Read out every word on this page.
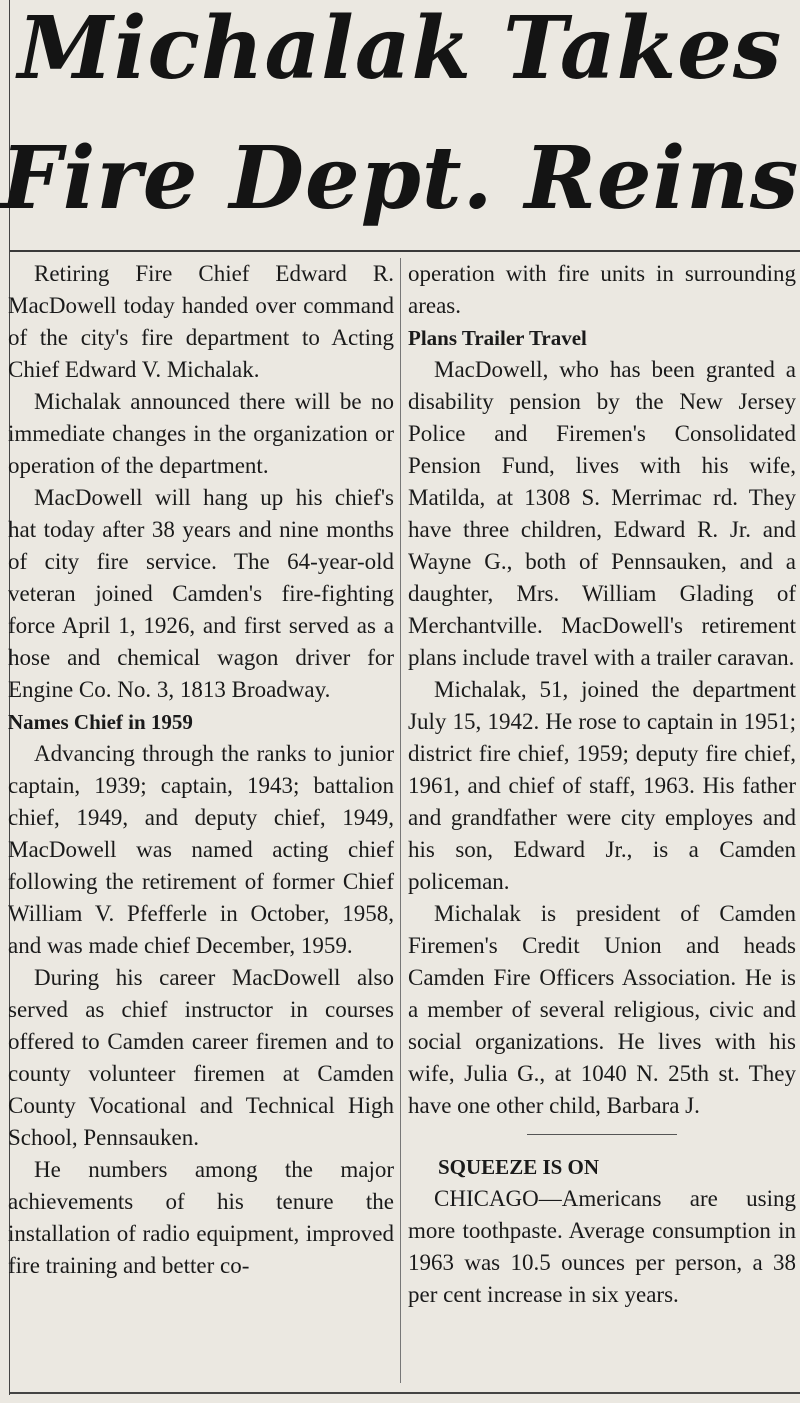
Michalak Takes
Fire Dept. Reins

Retiring Fire Chief Edward R. MacDowell today handed over command of the city's fire department to Acting Chief Edward V. Michalak.

Michalak announced there will be no immediate changes in the organization or operation of the department.

MacDowell will hang up his chief's hat today after 38 years and nine months of city fire service. The 64-year-old veteran joined Camden's fire-fighting force April 1, 1926, and first served as a hose and chemical wagon driver for Engine Co. No. 3, 1813 Broadway.

Names Chief in 1959

Advancing through the ranks to junior captain, 1939; captain, 1943; battalion chief, 1949, and deputy chief, 1949, MacDowell was named acting chief following the retirement of former Chief William V. Pfefferle in October, 1958, and was made chief December, 1959.

During his career MacDowell also served as chief instructor in courses offered to Camden career firemen and to county volunteer firemen at Camden County Vocational and Technical High School, Pennsauken.

He numbers among the major achievements of his tenure the installation of radio equipment, improved fire training and better co-

operation with fire units in surrounding areas.

Plans Trailer Travel

MacDowell, who has been granted a disability pension by the New Jersey Police and Firemen's Consolidated Pension Fund, lives with his wife, Matilda, at 1308 S. Merrimac rd. They have three children, Edward R. Jr. and Wayne G., both of Pennsauken, and a daughter, Mrs. William Glading of Merchantville. MacDowell's retirement plans include travel with a trailer caravan.

Michalak, 51, joined the department July 15, 1942. He rose to captain in 1951; district fire chief, 1959; deputy fire chief, 1961, and chief of staff, 1963. His father and grandfather were city employes and his son, Edward Jr., is a Camden policeman.

Michalak is president of Camden Firemen's Credit Union and heads Camden Fire Officers Association. He is a member of several religious, civic and social organizations. He lives with his wife, Julia G., at 1040 N. 25th st. They have one other child, Barbara J.

SQUEEZE IS ON

CHICAGO—Americans are using more toothpaste. Average consumption in 1963 was 10.5 ounces per person, a 38 per cent increase in six years.
